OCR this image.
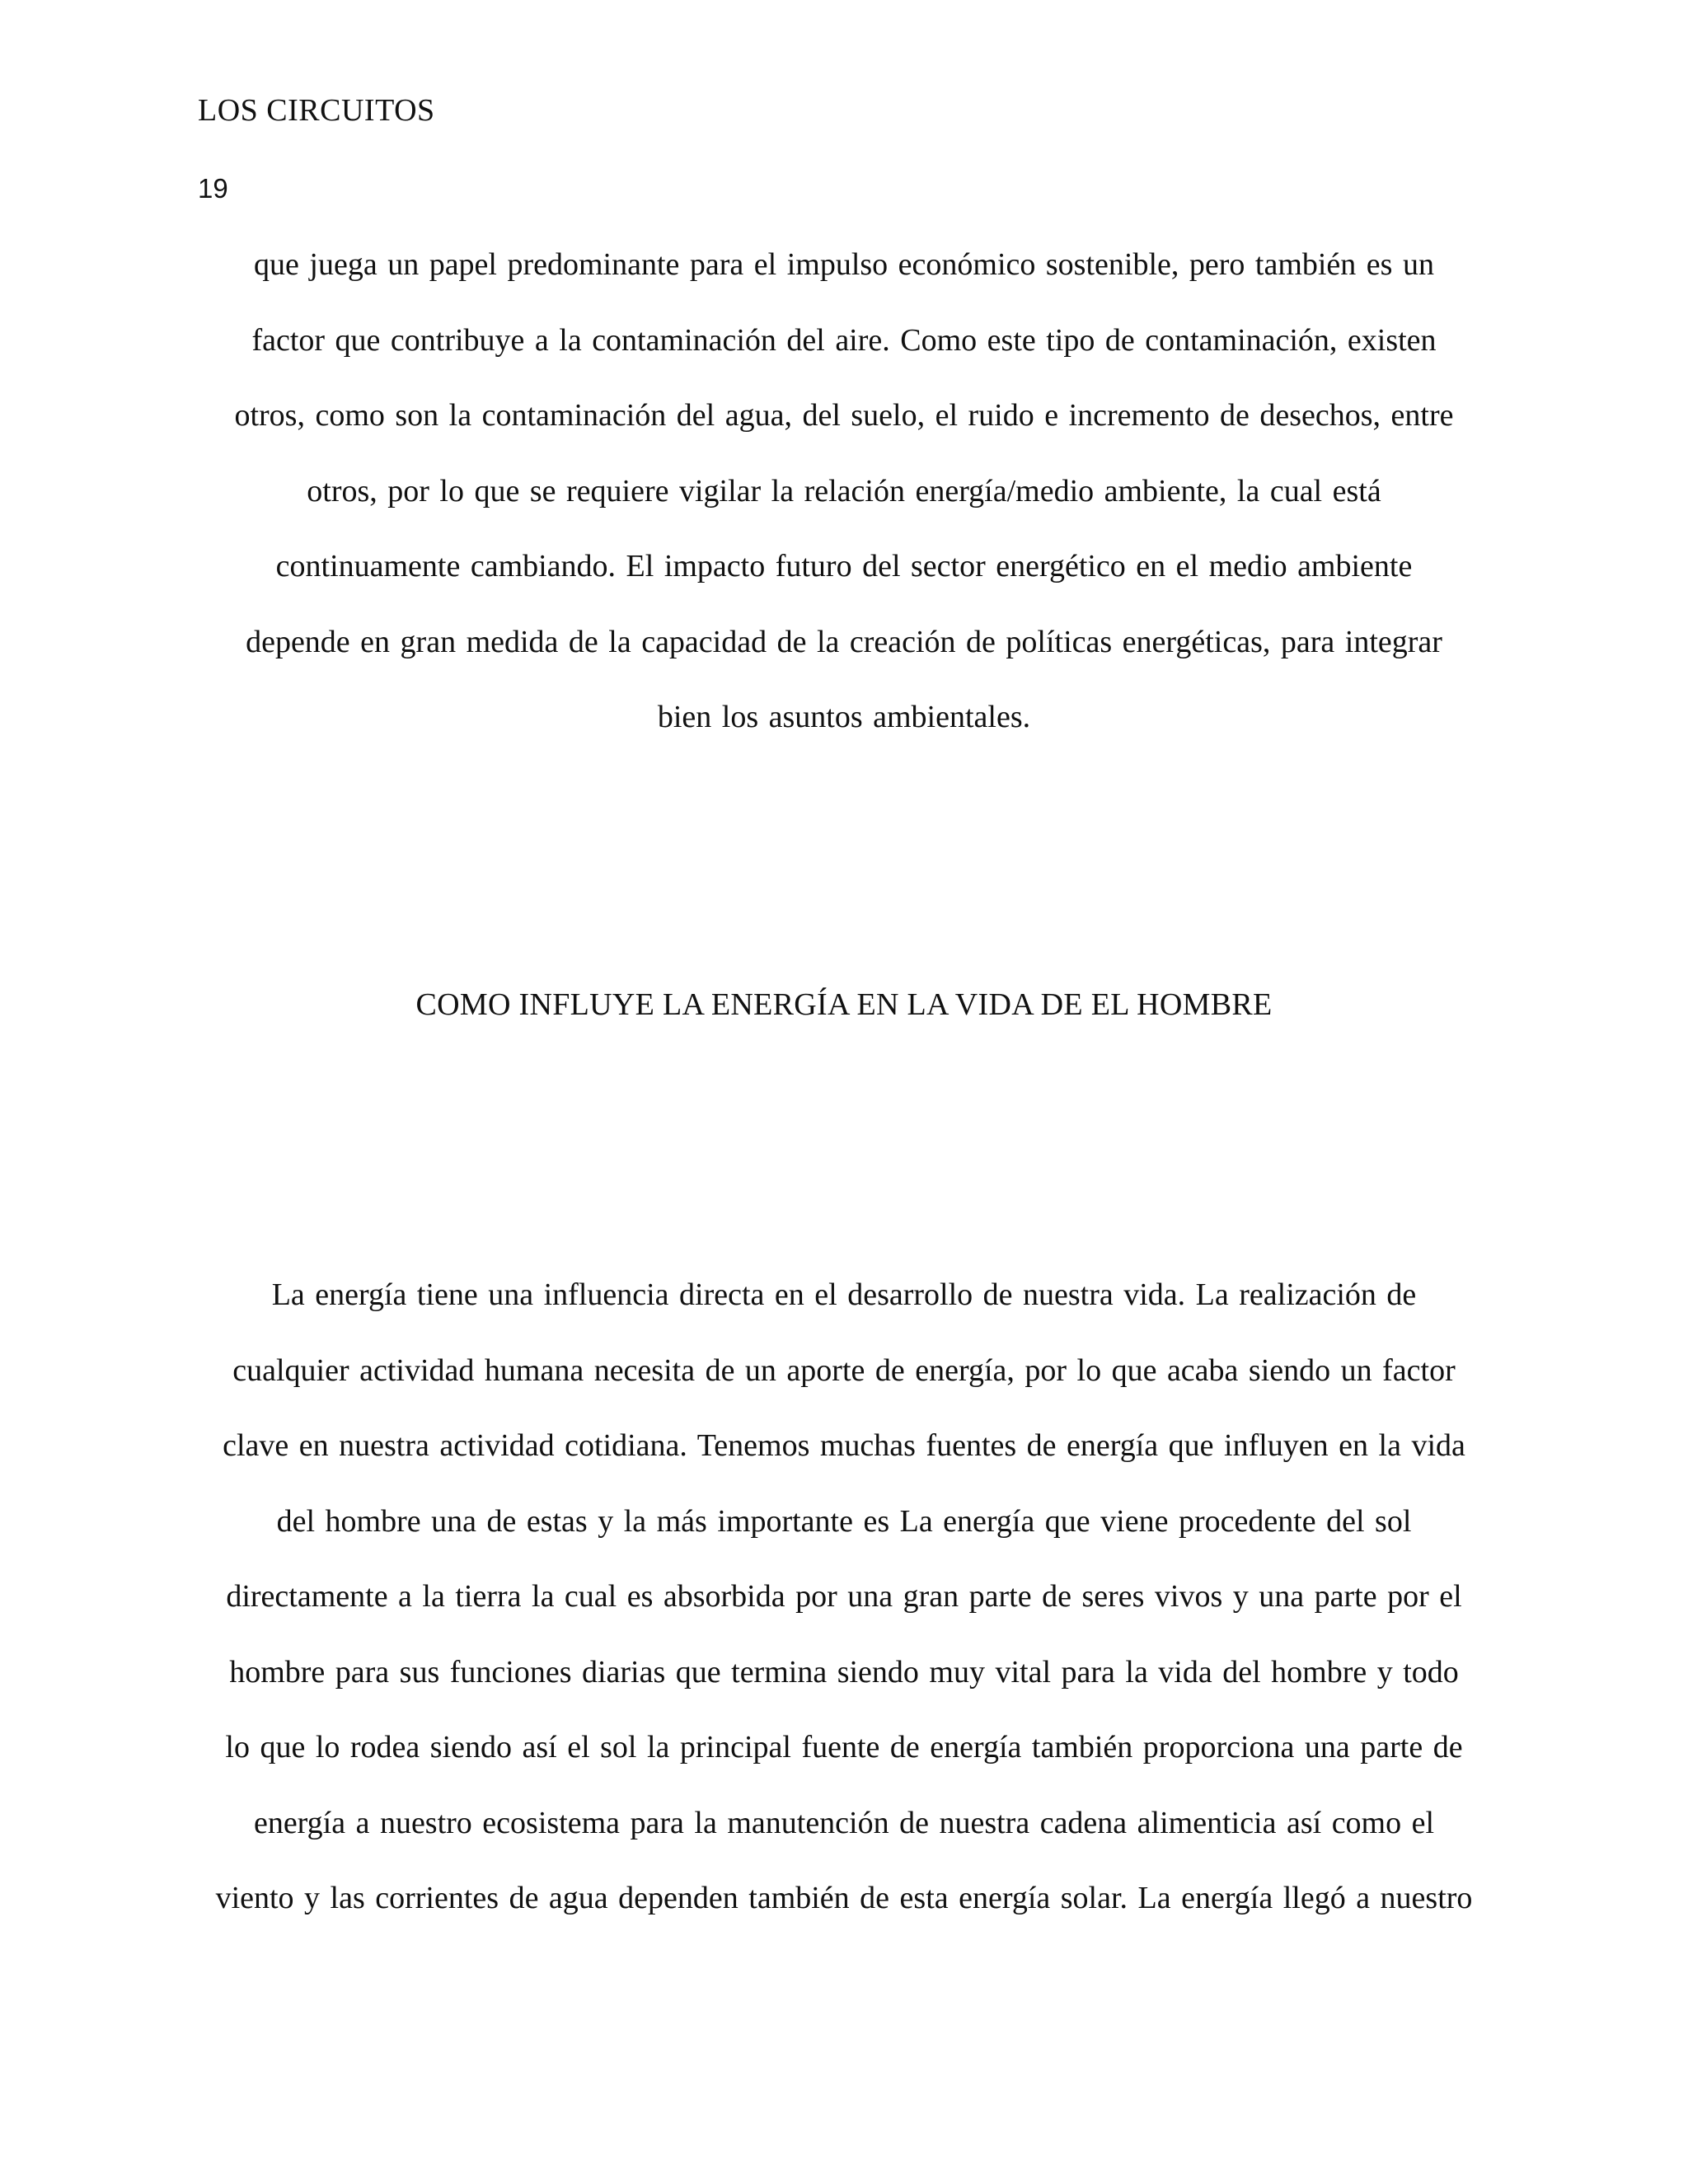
LOS CIRCUITOS
19
que juega un papel predominante para el impulso económico sostenible, pero también es un
factor que contribuye a la contaminación del aire. Como este tipo de contaminación, existen
otros, como son la contaminación del agua, del suelo, el ruido e incremento de desechos, entre
otros, por lo que se requiere vigilar la relación energía/medio ambiente, la cual está
continuamente cambiando. El impacto futuro del sector energético en el medio ambiente
depende en gran medida de la capacidad de la creación de políticas energéticas, para integrar
bien los asuntos ambientales.
COMO INFLUYE LA ENERGÍA EN LA VIDA DE EL HOMBRE
La energía tiene una influencia directa en el desarrollo de nuestra vida. La realización de
cualquier actividad humana necesita de un aporte de energía, por lo que acaba siendo un factor
clave en nuestra actividad cotidiana. Tenemos muchas fuentes de energía que influyen en la vida
del hombre una de estas y la más importante es La energía que viene procedente del sol
directamente a la tierra la cual es absorbida por una gran parte de seres vivos y una parte por el
hombre para sus funciones diarias que termina siendo muy vital para la vida del hombre y todo
lo que lo rodea siendo así el sol la principal fuente de energía también proporciona una parte de
energía a nuestro ecosistema para la manutención de nuestra cadena alimenticia así como el
viento y las corrientes de agua dependen también de esta energía solar. La energía llegó a nuestro
